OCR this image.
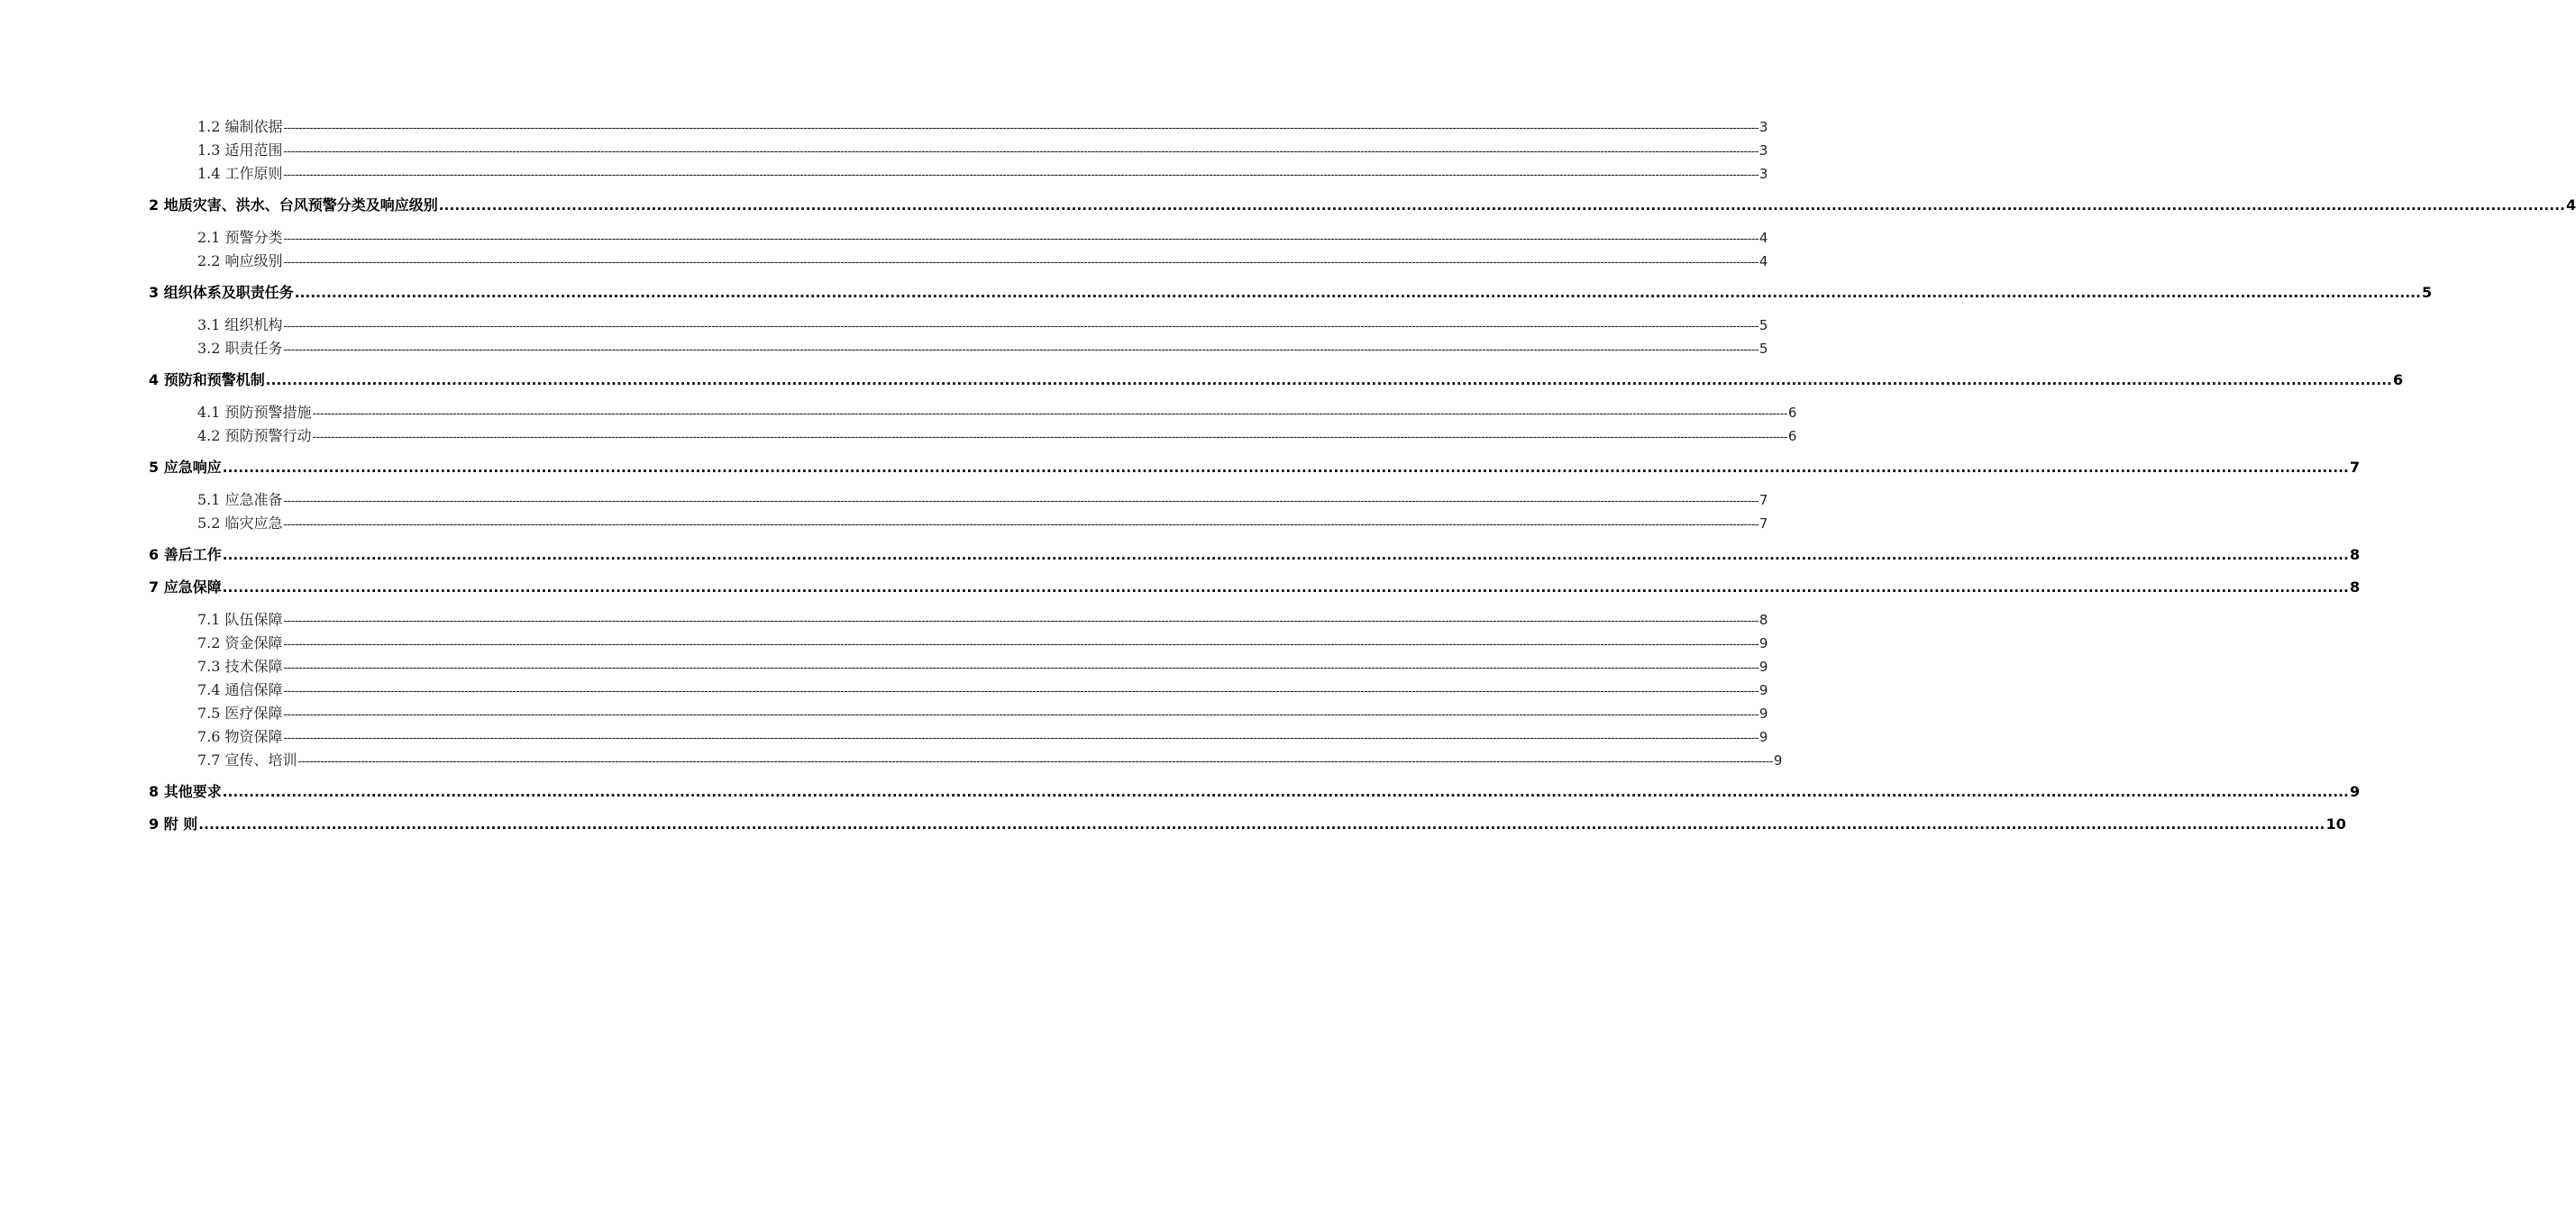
1.2 编制依据 ---------------------------------------------------------------------------------------------------------------------------------------------------------------------------------------------------------------------------------------------------------------------------------------------------------------------------------------------------------------------------------------------------------------- 3
1.3 适用范围 ---------------------------------------------------------------------------------------------------------------------------------------------------------------------------------------------------------------------------------------------------------------------------------------------------------------------------------------------------------------------------------------------------------------- 3
1.4 工作原则 ---------------------------------------------------------------------------------------------------------------------------------------------------------------------------------------------------------------------------------------------------------------------------------------------------------------------------------------------------------------------------------------------------------------- 3
2 地质灾害、洪水、台风预警分类及响应级别 ................................................................................................................................................................................................................................................................................................................................................................................................................ 4
2.1 预警分类 ---------------------------------------------------------------------------------------------------------------------------------------------------------------------------------------------------------------------------------------------------------------------------------------------------------------------------------------------------------------------------------------------------------------- 4
2.2 响应级别 ---------------------------------------------------------------------------------------------------------------------------------------------------------------------------------------------------------------------------------------------------------------------------------------------------------------------------------------------------------------------------------------------------------------- 4
3 组织体系及职责任务 ................................................................................................................................................................................................................................................................................................................................................................................................................ 5
3.1 组织机构 ---------------------------------------------------------------------------------------------------------------------------------------------------------------------------------------------------------------------------------------------------------------------------------------------------------------------------------------------------------------------------------------------------------------- 5
3.2 职责任务 ---------------------------------------------------------------------------------------------------------------------------------------------------------------------------------------------------------------------------------------------------------------------------------------------------------------------------------------------------------------------------------------------------------------- 5
4 预防和预警机制 ................................................................................................................................................................................................................................................................................................................................................................................................................ 6
4.1 预防预警措施 ---------------------------------------------------------------------------------------------------------------------------------------------------------------------------------------------------------------------------------------------------------------------------------------------------------------------------------------------------------------------------------------------------------------- 6
4.2 预防预警行动 ---------------------------------------------------------------------------------------------------------------------------------------------------------------------------------------------------------------------------------------------------------------------------------------------------------------------------------------------------------------------------------------------------------------- 6
5 应急响应 ................................................................................................................................................................................................................................................................................................................................................................................................................ 7
5.1 应急准备 ---------------------------------------------------------------------------------------------------------------------------------------------------------------------------------------------------------------------------------------------------------------------------------------------------------------------------------------------------------------------------------------------------------------- 7
5.2 临灾应急 ---------------------------------------------------------------------------------------------------------------------------------------------------------------------------------------------------------------------------------------------------------------------------------------------------------------------------------------------------------------------------------------------------------------- 7
6 善后工作 ................................................................................................................................................................................................................................................................................................................................................................................................................ 8
7 应急保障 ................................................................................................................................................................................................................................................................................................................................................................................................................ 8
7.1 队伍保障 ---------------------------------------------------------------------------------------------------------------------------------------------------------------------------------------------------------------------------------------------------------------------------------------------------------------------------------------------------------------------------------------------------------------- 8
7.2 资金保障 ---------------------------------------------------------------------------------------------------------------------------------------------------------------------------------------------------------------------------------------------------------------------------------------------------------------------------------------------------------------------------------------------------------------- 9
7.3 技术保障 ---------------------------------------------------------------------------------------------------------------------------------------------------------------------------------------------------------------------------------------------------------------------------------------------------------------------------------------------------------------------------------------------------------------- 9
7.4 通信保障 ---------------------------------------------------------------------------------------------------------------------------------------------------------------------------------------------------------------------------------------------------------------------------------------------------------------------------------------------------------------------------------------------------------------- 9
7.5 医疗保障 ---------------------------------------------------------------------------------------------------------------------------------------------------------------------------------------------------------------------------------------------------------------------------------------------------------------------------------------------------------------------------------------------------------------- 9
7.6 物资保障 ---------------------------------------------------------------------------------------------------------------------------------------------------------------------------------------------------------------------------------------------------------------------------------------------------------------------------------------------------------------------------------------------------------------- 9
7.7 宣传、培训 ---------------------------------------------------------------------------------------------------------------------------------------------------------------------------------------------------------------------------------------------------------------------------------------------------------------------------------------------------------------------------------------------------------------- 9
8 其他要求 ................................................................................................................................................................................................................................................................................................................................................................................................................ 9
9 附 则 ................................................................................................................................................................................................................................................................................................................................................................................................................ 10
